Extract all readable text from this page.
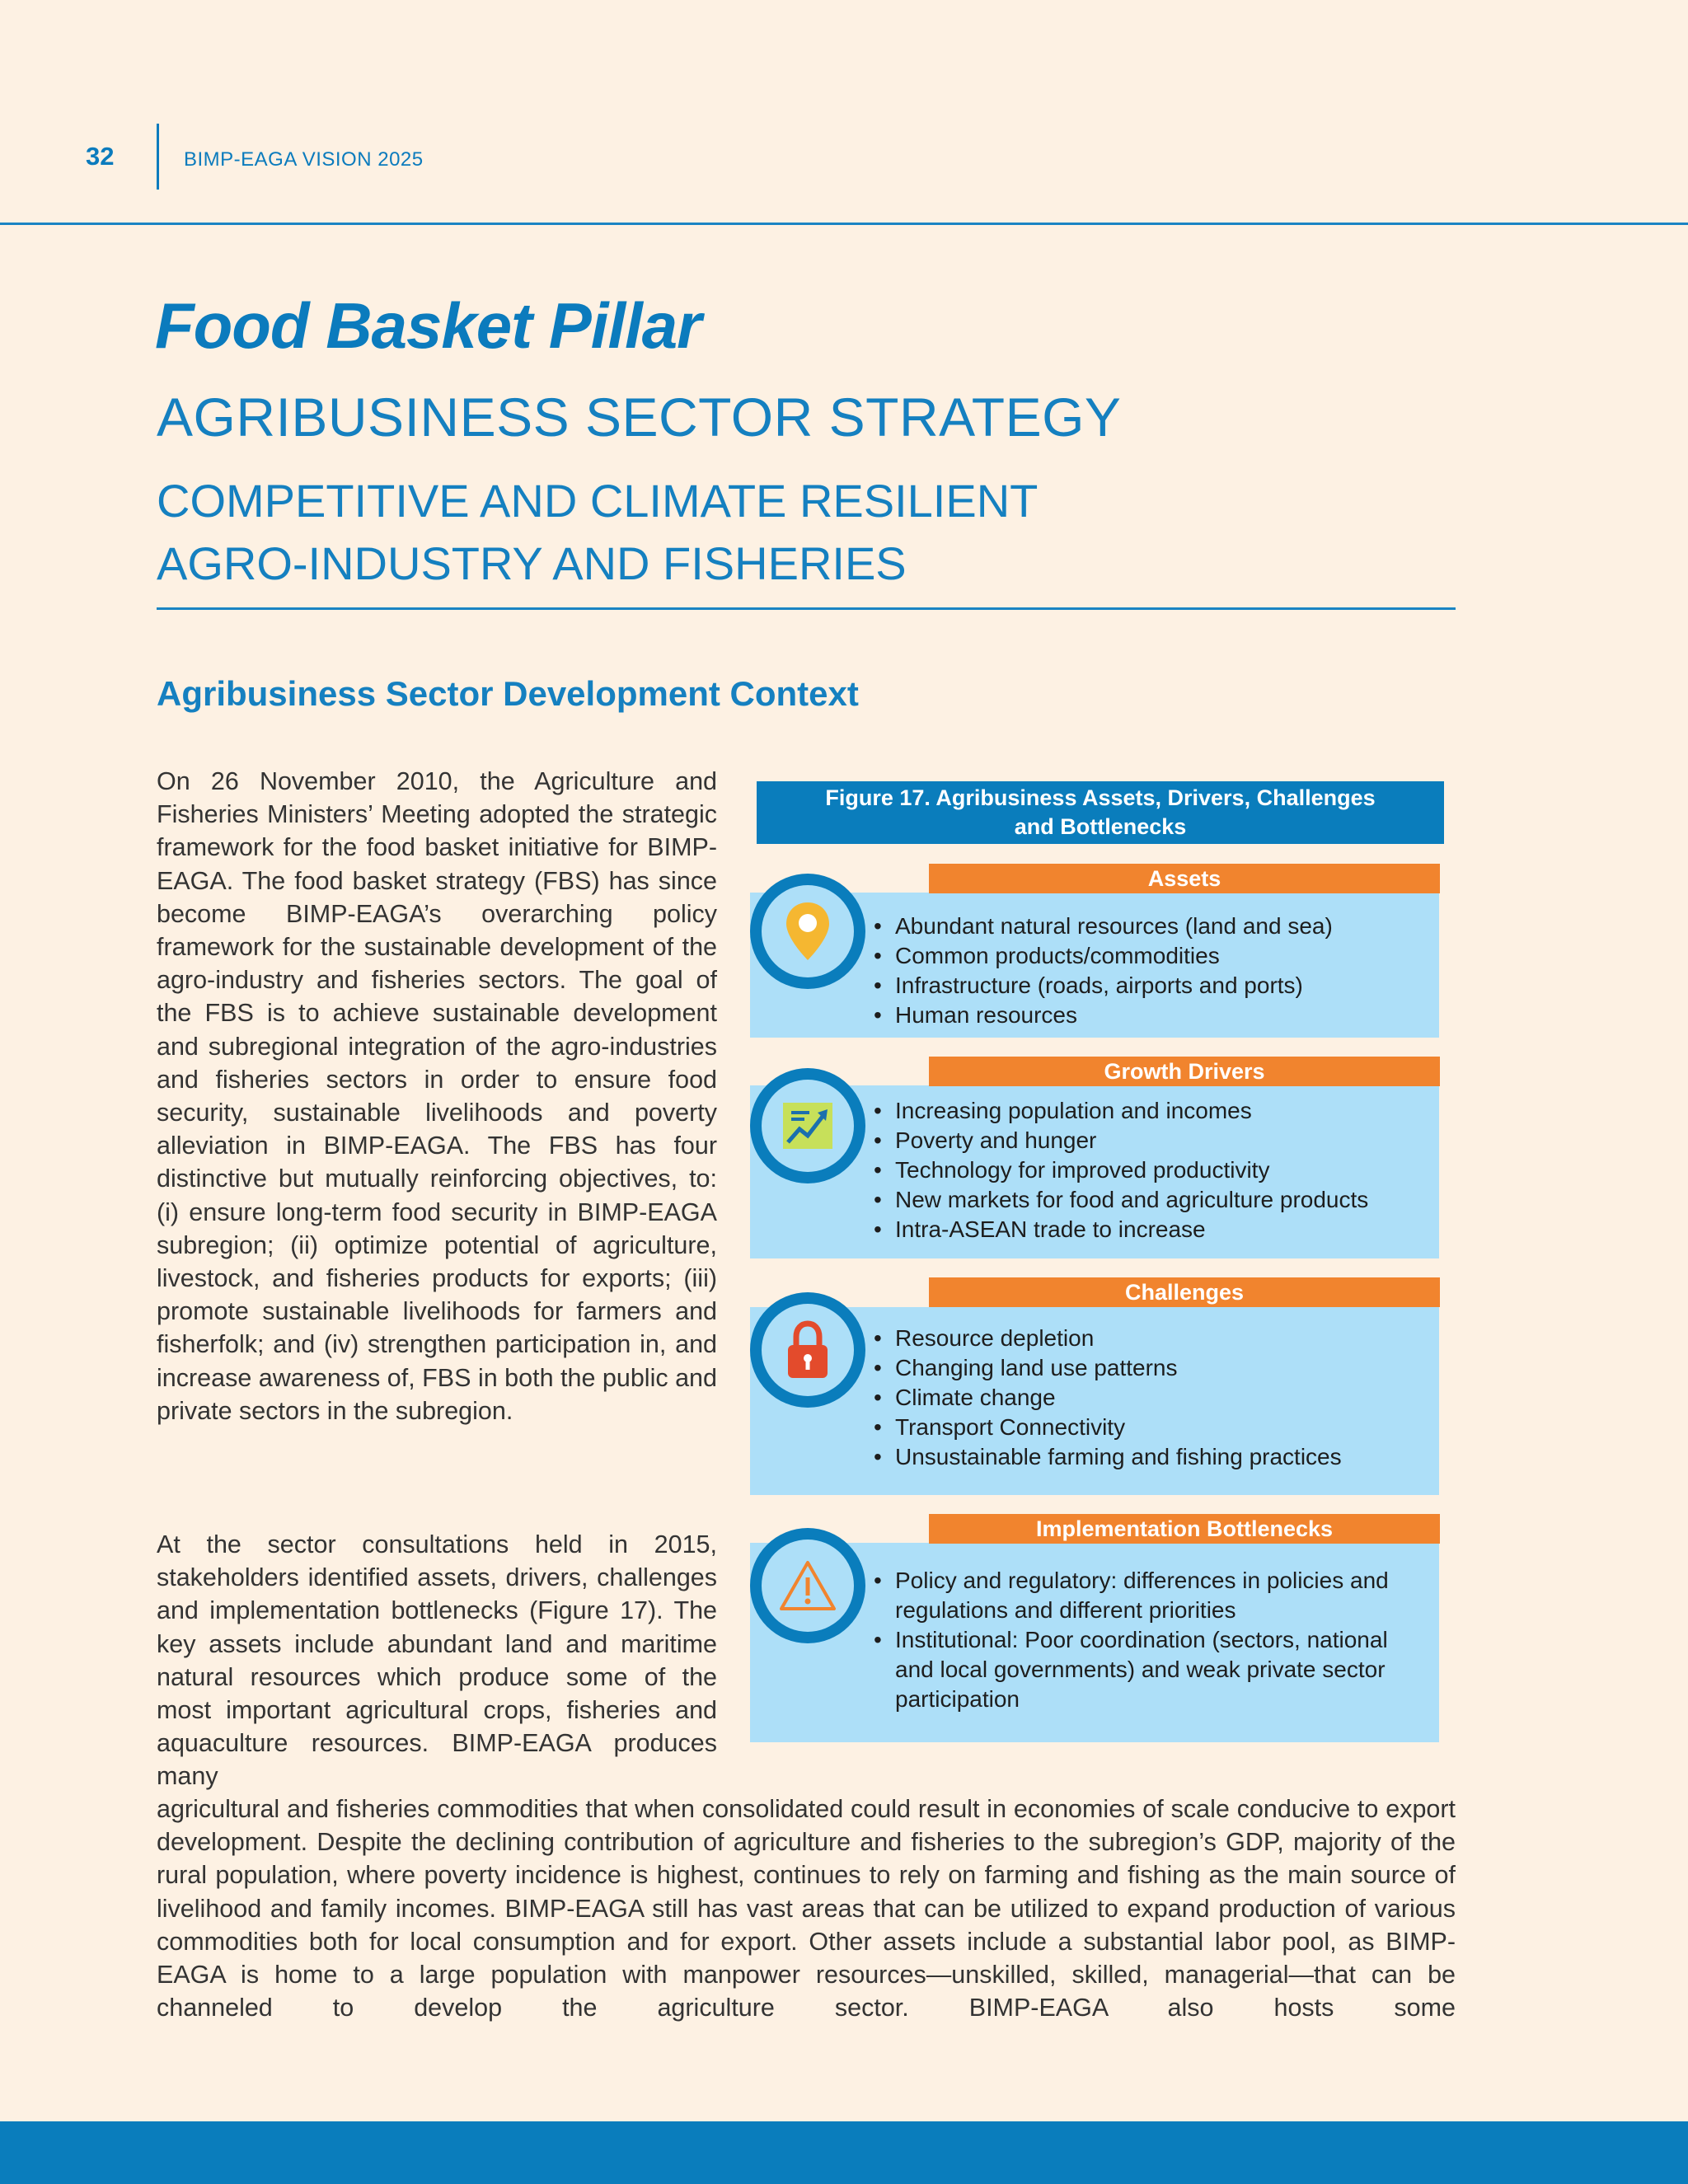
32	BIMP-EAGA VISION 2025
Food Basket Pillar
AGRIBUSINESS SECTOR STRATEGY
COMPETITIVE AND CLIMATE RESILIENT
AGRO-INDUSTRY AND FISHERIES
Agribusiness Sector Development Context

On 26 November 2010, the Agriculture and Fisheries Ministers’ Meeting adopted the strategic framework for the food basket initiative for BIMP-EAGA. The food basket strategy (FBS) has since become BIMP-EAGA’s overarching policy framework for the sustainable development of the agro-industry and fisheries sectors. The goal of the FBS is to achieve sustainable development and subregional integration of the agro-industries and fisheries sectors in order to ensure food security, sustainable livelihoods and poverty alleviation in BIMP-EAGA. The FBS has four distinctive but mutually reinforcing objectives, to: (i) ensure long-term food security in BIMP-EAGA subregion; (ii) optimize potential of agriculture, livestock, and fisheries products for exports; (iii) promote sustainable livelihoods for farmers and fisherfolk; and (iv) strengthen participation in, and increase awareness of, FBS in both the public and private sectors in the subregion.

At the sector consultations held in 2015, stakeholders identified assets, drivers, challenges and implementation bottlenecks (Figure 17). The key assets include abundant land and maritime natural resources which produce some of the most important agricultural crops, fisheries and aquaculture resources. BIMP-EAGA produces many

agricultural and fisheries commodities that when consolidated could result in economies of scale conducive to export development. Despite the declining contribution of agriculture and fisheries to the subregion’s GDP, majority of the rural population, where poverty incidence is highest, continues to rely on farming and fishing as the main source of livelihood and family incomes. BIMP-EAGA still has vast areas that can be utilized to expand production of various commodities both for local consumption and for export. Other assets include a substantial labor pool, as BIMP-EAGA is home to a large population with manpower resources—unskilled, skilled, managerial—that can be channeled to develop the agriculture sector. BIMP-EAGA also hosts some

Figure 17. Agribusiness Assets, Drivers, Challenges
and Bottlenecks
Assets
• Abundant natural resources (land and sea)
• Common products/commodities
• Infrastructure (roads, airports and ports)
• Human resources
Growth Drivers
• Increasing population and incomes
• Poverty and hunger
• Technology for improved productivity
• New markets for food and agriculture products
• Intra-ASEAN trade to increase
Challenges
• Resource depletion
• Changing land use patterns
• Climate change
• Transport Connectivity
• Unsustainable farming and fishing practices
Implementation Bottlenecks
• Policy and regulatory: differences in policies and regulations and different priorities
• Institutional: Poor coordination (sectors, national and local governments) and weak private sector participation
